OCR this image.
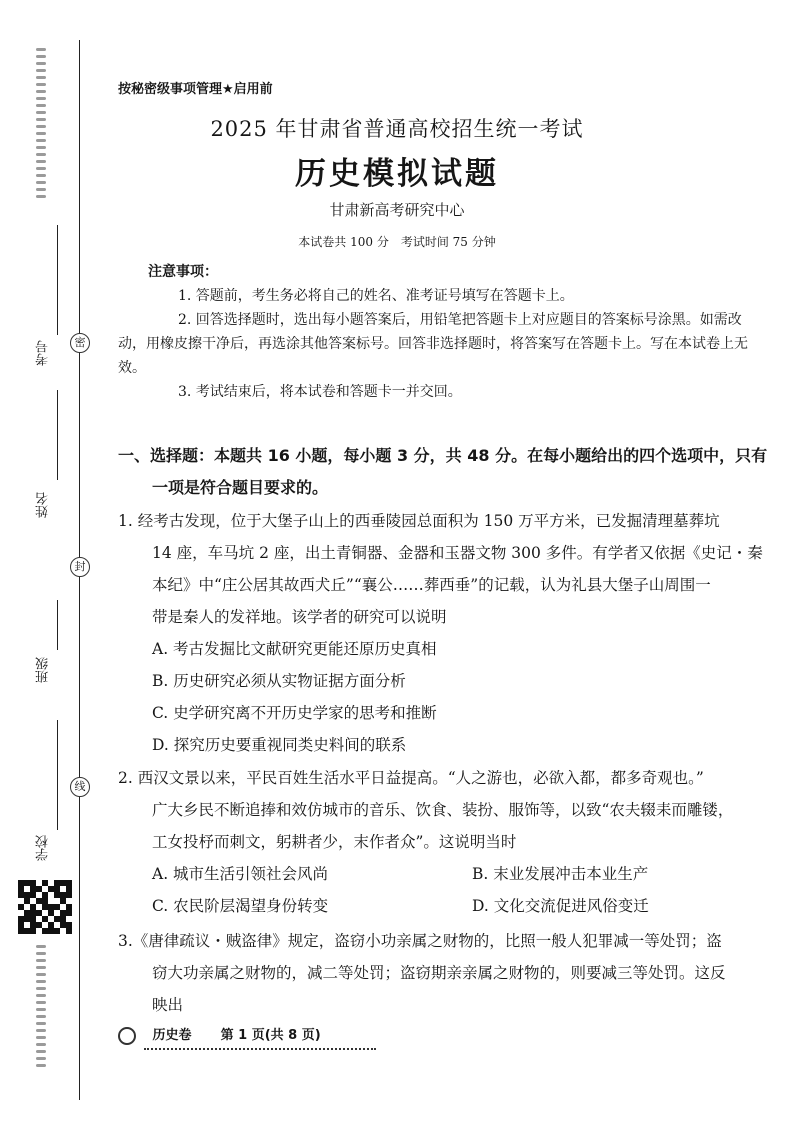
考号	密
姓名
封
班级
线
学校
按秘密级事项管理★启用前
2025 年甘肃省普通高校招生统一考试
历史模拟试题
甘肃新高考研究中心
本试卷共 100 分　考试时间 75 分钟
注意事项：

1. 答题前，考生务必将自己的姓名、准考证号填写在答题卡上。

2. 回答选择题时，选出每小题答案后，用铅笔把答题卡上对应题目的答案标号涂黑。如需改动，用橡皮擦干净后，再选涂其他答案标号。回答非选择题时，将答案写在答题卡上。写在本试卷上无效。

3. 考试结束后，将本试卷和答题卡一并交回。

一、选择题：本题共 16 小题，每小题 3 分，共 48 分。在每小题给出的四个选项中，只有
一项是符合题目要求的。

1. 经考古发现，位于大堡子山上的西垂陵园总面积为 150 万平方米，已发掘清理墓葬坑

14 座，车马坑 2 座，出土青铜器、金器和玉器文物 300 多件。有学者又依据《史记・秦

本纪》中“庄公居其故西犬丘”“襄公……葬西垂”的记载，认为礼县大堡子山周围一

带是秦人的发祥地。该学者的研究可以说明

A. 考古发掘比文献研究更能还原历史真相

B. 历史研究必须从实物证据方面分析

C. 史学研究离不开历史学家的思考和推断

D. 探究历史要重视同类史料间的联系

2. 西汉文景以来，平民百姓生活水平日益提高。“人之游也，必欲入都，都多奇观也。”

广大乡民不断追捧和效仿城市的音乐、饮食、装扮、服饰等，以致“农夫辍耒而雕镂，

工女投杼而刺文，躬耕者少，末作者众”。这说明当时

A. 城市生活引领社会风尚	B. 末业发展冲击本业生产
C. 农民阶层渴望身份转变	D. 文化交流促进风俗变迁

3.《唐律疏议・贼盗律》规定，盗窃小功亲属之财物的，比照一般人犯罪减一等处罚；盗

窃大功亲属之财物的，减二等处罚；盗窃期亲亲属之财物的，则要减三等处罚。这反

映出

历史卷 第 1 页(共 8 页)
